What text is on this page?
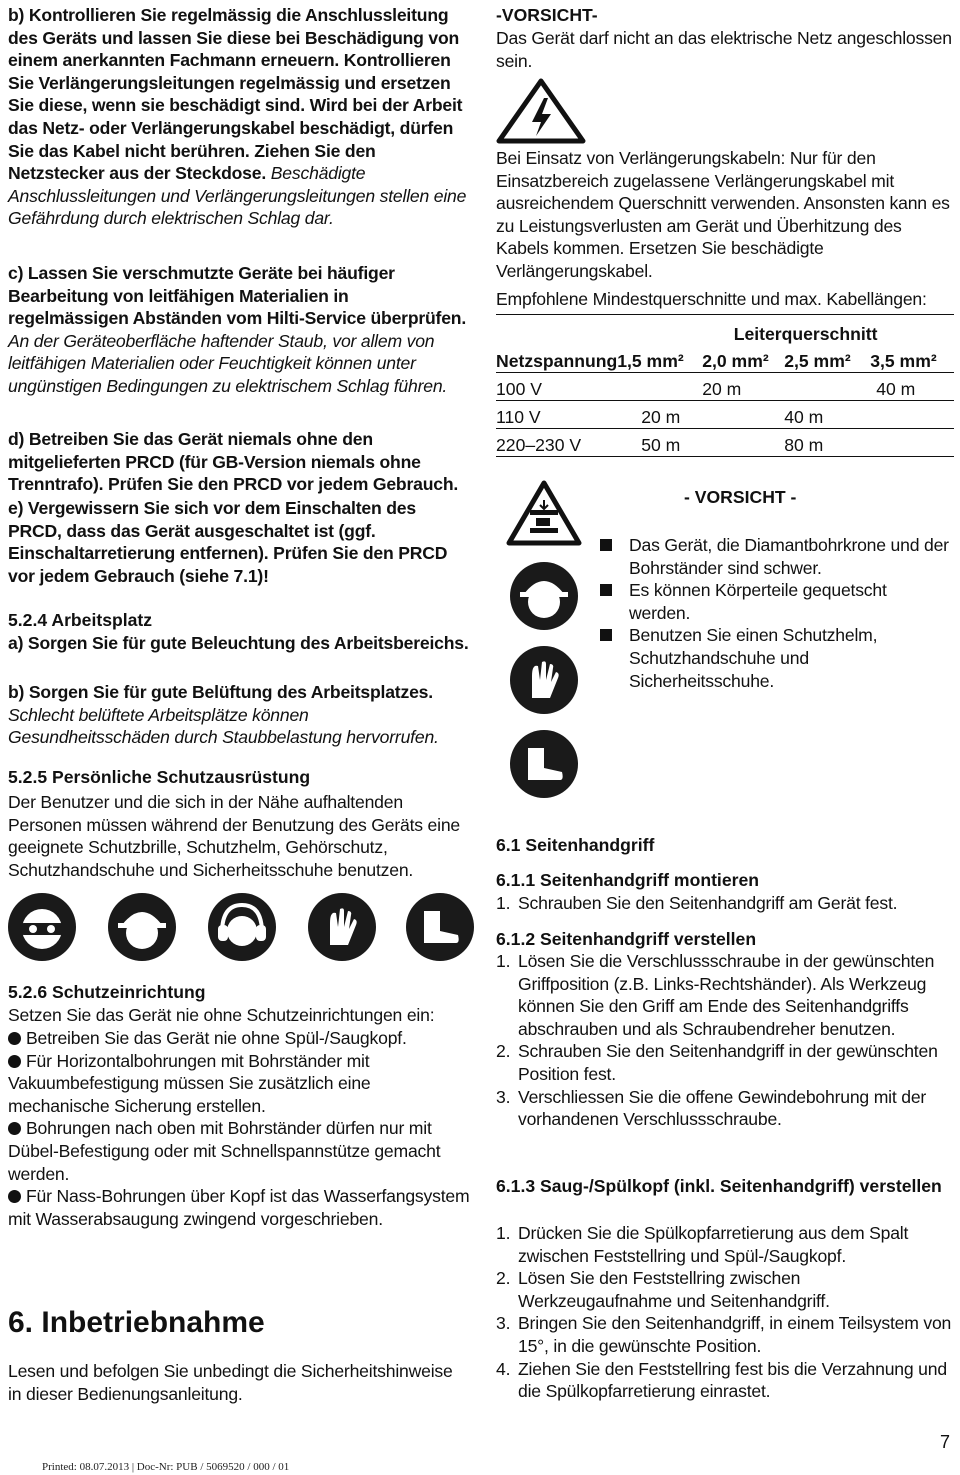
b) Kontrollieren Sie regelmässig die Anschlussleitung des Geräts und lassen Sie diese bei Beschädigung von einem anerkannten Fachmann erneuern. Kontrollieren Sie Verlängerungsleitungen regelmässig und ersetzen Sie diese, wenn sie beschädigt sind. Wird bei der Arbeit das Netz- oder Verlängerungskabel beschädigt, dürfen Sie das Kabel nicht berühren. Ziehen Sie den Netzstecker aus der Steckdose. Beschädigte Anschlussleitungen und Verlängerungsleitungen stellen eine Gefährdung durch elektrischen Schlag dar.
c) Lassen Sie verschmutzte Geräte bei häufiger Bearbeitung von leitfähigen Materialien in regelmässigen Abständen vom Hilti-Service überprüfen. An der Geräteoberfläche haftender Staub, vor allem von leitfähigen Materialien oder Feuchtigkeit können unter ungünstigen Bedingungen zu elektrischem Schlag führen.
d) Betreiben Sie das Gerät niemals ohne den mitgelieferten PRCD (für GB-Version niemals ohne Trenntrafo). Prüfen Sie den PRCD vor jedem Gebrauch.
e) Vergewissern Sie sich vor dem Einschalten des PRCD, dass das Gerät ausgeschaltet ist (ggf. Einschaltarretierung entfernen). Prüfen Sie den PRCD vor jedem Gebrauch (siehe 7.1)!
5.2.4 Arbeitsplatz
a) Sorgen Sie für gute Beleuchtung des Arbeitsbereichs.
b) Sorgen Sie für gute Belüftung des Arbeitsplatzes. Schlecht belüftete Arbeitsplätze können Gesundheitsschäden durch Staubbelastung hervorrufen.
5.2.5 Persönliche Schutzausrüstung
Der Benutzer und die sich in der Nähe aufhaltenden Personen müssen während der Benutzung des Geräts eine geeignete Schutzbrille, Schutzhelm, Gehörschutz, Schutzhandschuhe und Sicherheitsschuhe benutzen.
5.2.6 Schutzeinrichtung
Setzen Sie das Gerät nie ohne Schutzeinrichtungen ein:

Betreiben Sie das Gerät nie ohne Spül-/Saugkopf.

Für Horizontalbohrungen mit Bohrständer mit Vakuumbefestigung müssen Sie zusätzlich eine mechanische Sicherung erstellen.

Bohrungen nach oben mit Bohrständer dürfen nur mit Dübel-Befestigung oder mit Schnellspannstütze gemacht werden.

Für Nass-Bohrungen über Kopf ist das Wasserfangsystem mit Wasserabsaugung zwingend vorgeschrieben.

6. Inbetriebnahme
Lesen und befolgen Sie unbedingt die Sicherheitshinweise in dieser Bedienungsanleitung.
-VORSICHT-
Das Gerät darf nicht an das elektrische Netz angeschlossen sein.
Bei Einsatz von Verlängerungskabeln: Nur für den Einsatzbereich zugelassene Verlängerungskabel mit ausreichendem Querschnitt verwenden. Ansonsten kann es zu Leistungsverlusten am Gerät und Überhitzung des Kabels kommen. Ersetzen Sie beschädigte Verlängerungskabel.
Empfohlene Mindestquerschnitte und max. Kabellängen:
	Leiterquerschnitt			
Netzspannung	1,5 mm²	2,0 mm²	2,5 mm²	3,5 mm²
100 V		20 m		40 m
110 V	20 m		40 m	
220–230 V	50 m		80 m	
- VORSICHT -

Das Gerät, die Diamantbohrkrone und der Bohrständer sind schwer.

Es können Körperteile gequetscht werden.

Benutzen Sie einen Schutzhelm, Schutzhandschuhe und Sicherheitsschuhe.

6.1 Seitenhandgriff
6.1.1 Seitenhandgriff montieren

1. Schrauben Sie den Seitenhandgriff am Gerät fest.

6.1.2 Seitenhandgriff verstellen

1. Lösen Sie die Verschlussschraube in der gewünschten Griffposition (z.B. Links-Rechtshänder). Als Werkzeug können Sie den Griff am Ende des Seitenhandgriffs abschrauben und als Schraubendreher benutzen.

2. Schrauben Sie den Seitenhandgriff in der gewünschten Position fest.

3. Verschliessen Sie die offene Gewindebohrung mit der vorhandenen Verschlussschraube.

6.1.3 Saug-/Spülkopf (inkl. Seitenhandgriff) verstellen

1. Drücken Sie die Spülkopfarretierung aus dem Spalt zwischen Feststellring und Spül-/Saugkopf.

2. Lösen Sie den Feststellring zwischen Werkzeugaufnahme und Seitenhandgriff.

3. Bringen Sie den Seitenhandgriff, in einem Teilsystem von 15°, in die gewünschte Position.

4. Ziehen Sie den Feststellring fest bis die Verzahnung und die Spülkopfarretierung einrastet.

7
Printed: 08.07.2013 | Doc-Nr: PUB / 5069520 / 000 / 01
